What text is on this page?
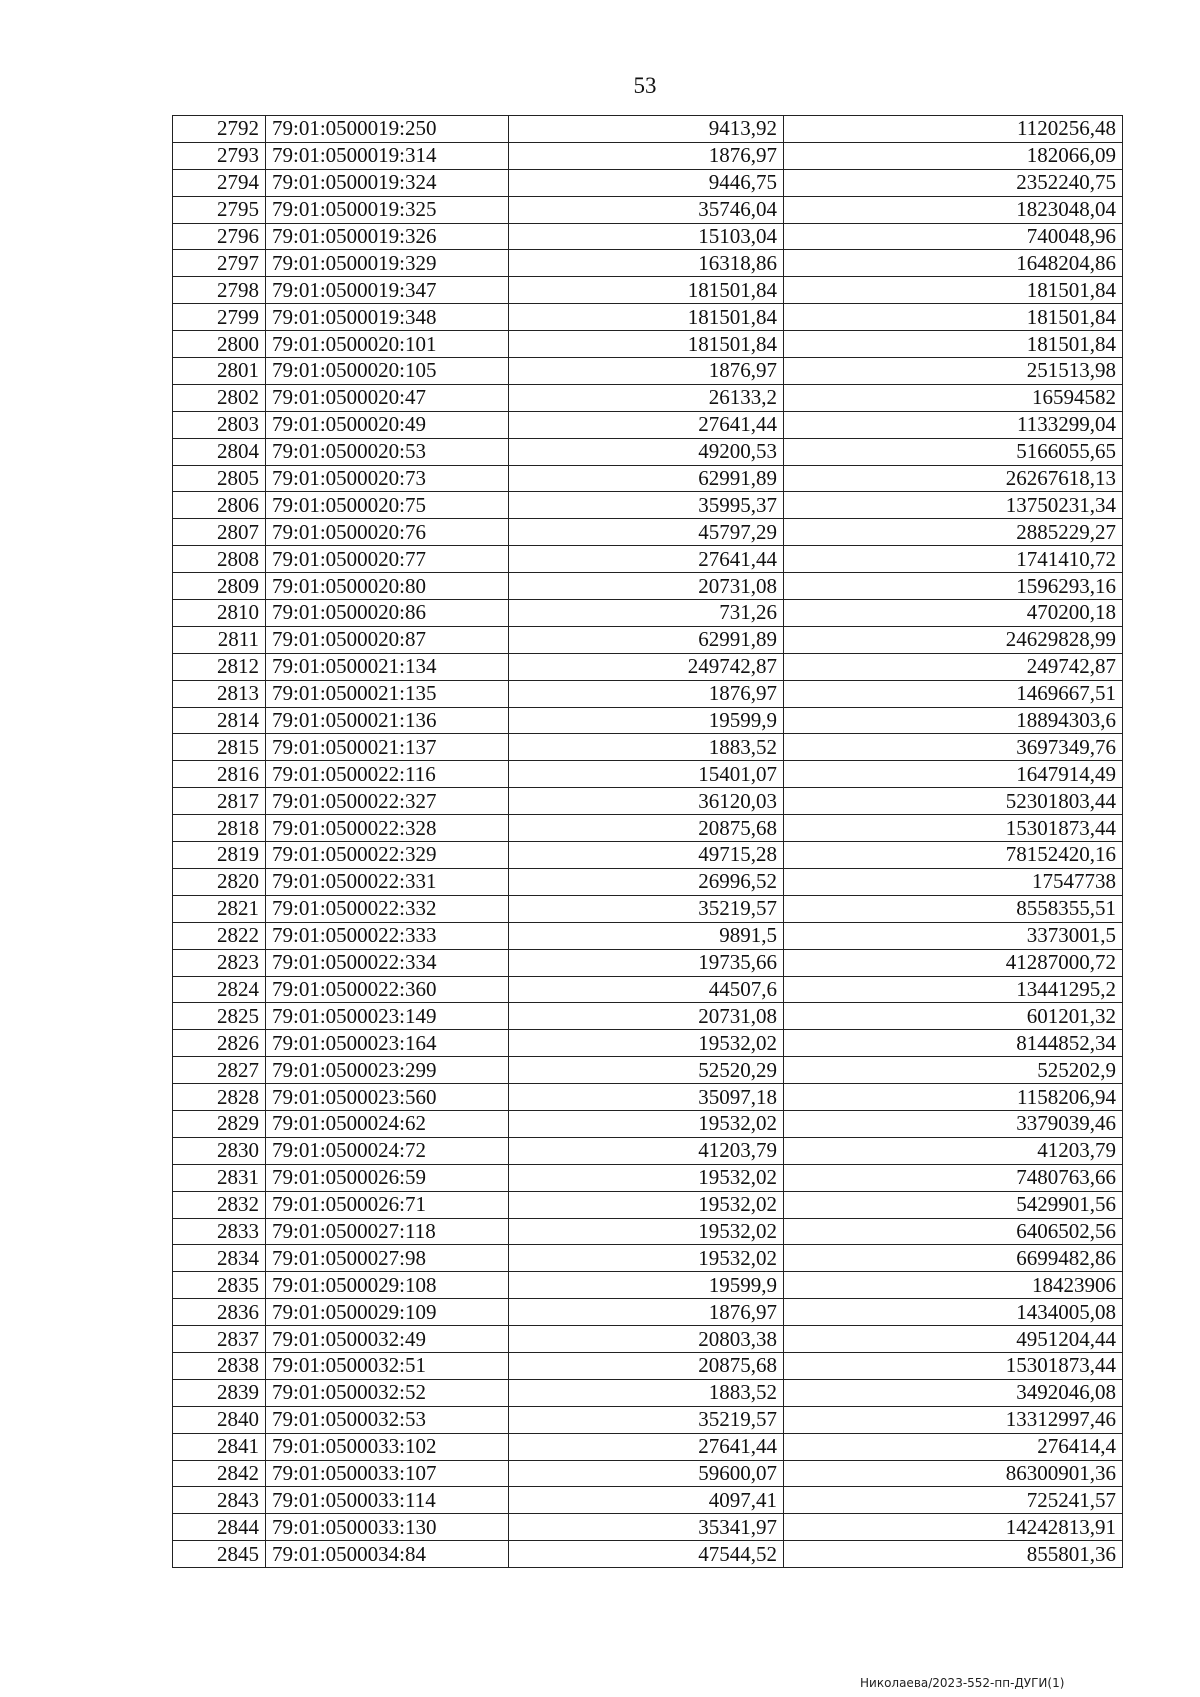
53
2792	79:01:0500019:250	9413,92	1120256,48
2793	79:01:0500019:314	1876,97	182066,09
2794	79:01:0500019:324	9446,75	2352240,75
2795	79:01:0500019:325	35746,04	1823048,04
2796	79:01:0500019:326	15103,04	740048,96
2797	79:01:0500019:329	16318,86	1648204,86
2798	79:01:0500019:347	181501,84	181501,84
2799	79:01:0500019:348	181501,84	181501,84
2800	79:01:0500020:101	181501,84	181501,84
2801	79:01:0500020:105	1876,97	251513,98
2802	79:01:0500020:47	26133,2	16594582
2803	79:01:0500020:49	27641,44	1133299,04
2804	79:01:0500020:53	49200,53	5166055,65
2805	79:01:0500020:73	62991,89	26267618,13
2806	79:01:0500020:75	35995,37	13750231,34
2807	79:01:0500020:76	45797,29	2885229,27
2808	79:01:0500020:77	27641,44	1741410,72
2809	79:01:0500020:80	20731,08	1596293,16
2810	79:01:0500020:86	731,26	470200,18
2811	79:01:0500020:87	62991,89	24629828,99
2812	79:01:0500021:134	249742,87	249742,87
2813	79:01:0500021:135	1876,97	1469667,51
2814	79:01:0500021:136	19599,9	18894303,6
2815	79:01:0500021:137	1883,52	3697349,76
2816	79:01:0500022:116	15401,07	1647914,49
2817	79:01:0500022:327	36120,03	52301803,44
2818	79:01:0500022:328	20875,68	15301873,44
2819	79:01:0500022:329	49715,28	78152420,16
2820	79:01:0500022:331	26996,52	17547738
2821	79:01:0500022:332	35219,57	8558355,51
2822	79:01:0500022:333	9891,5	3373001,5
2823	79:01:0500022:334	19735,66	41287000,72
2824	79:01:0500022:360	44507,6	13441295,2
2825	79:01:0500023:149	20731,08	601201,32
2826	79:01:0500023:164	19532,02	8144852,34
2827	79:01:0500023:299	52520,29	525202,9
2828	79:01:0500023:560	35097,18	1158206,94
2829	79:01:0500024:62	19532,02	3379039,46
2830	79:01:0500024:72	41203,79	41203,79
2831	79:01:0500026:59	19532,02	7480763,66
2832	79:01:0500026:71	19532,02	5429901,56
2833	79:01:0500027:118	19532,02	6406502,56
2834	79:01:0500027:98	19532,02	6699482,86
2835	79:01:0500029:108	19599,9	18423906
2836	79:01:0500029:109	1876,97	1434005,08
2837	79:01:0500032:49	20803,38	4951204,44
2838	79:01:0500032:51	20875,68	15301873,44
2839	79:01:0500032:52	1883,52	3492046,08
2840	79:01:0500032:53	35219,57	13312997,46
2841	79:01:0500033:102	27641,44	276414,4
2842	79:01:0500033:107	59600,07	86300901,36
2843	79:01:0500033:114	4097,41	725241,57
2844	79:01:0500033:130	35341,97	14242813,91
2845	79:01:0500034:84	47544,52	855801,36
Николаева/2023-552-пп-ДУГИ(1)
